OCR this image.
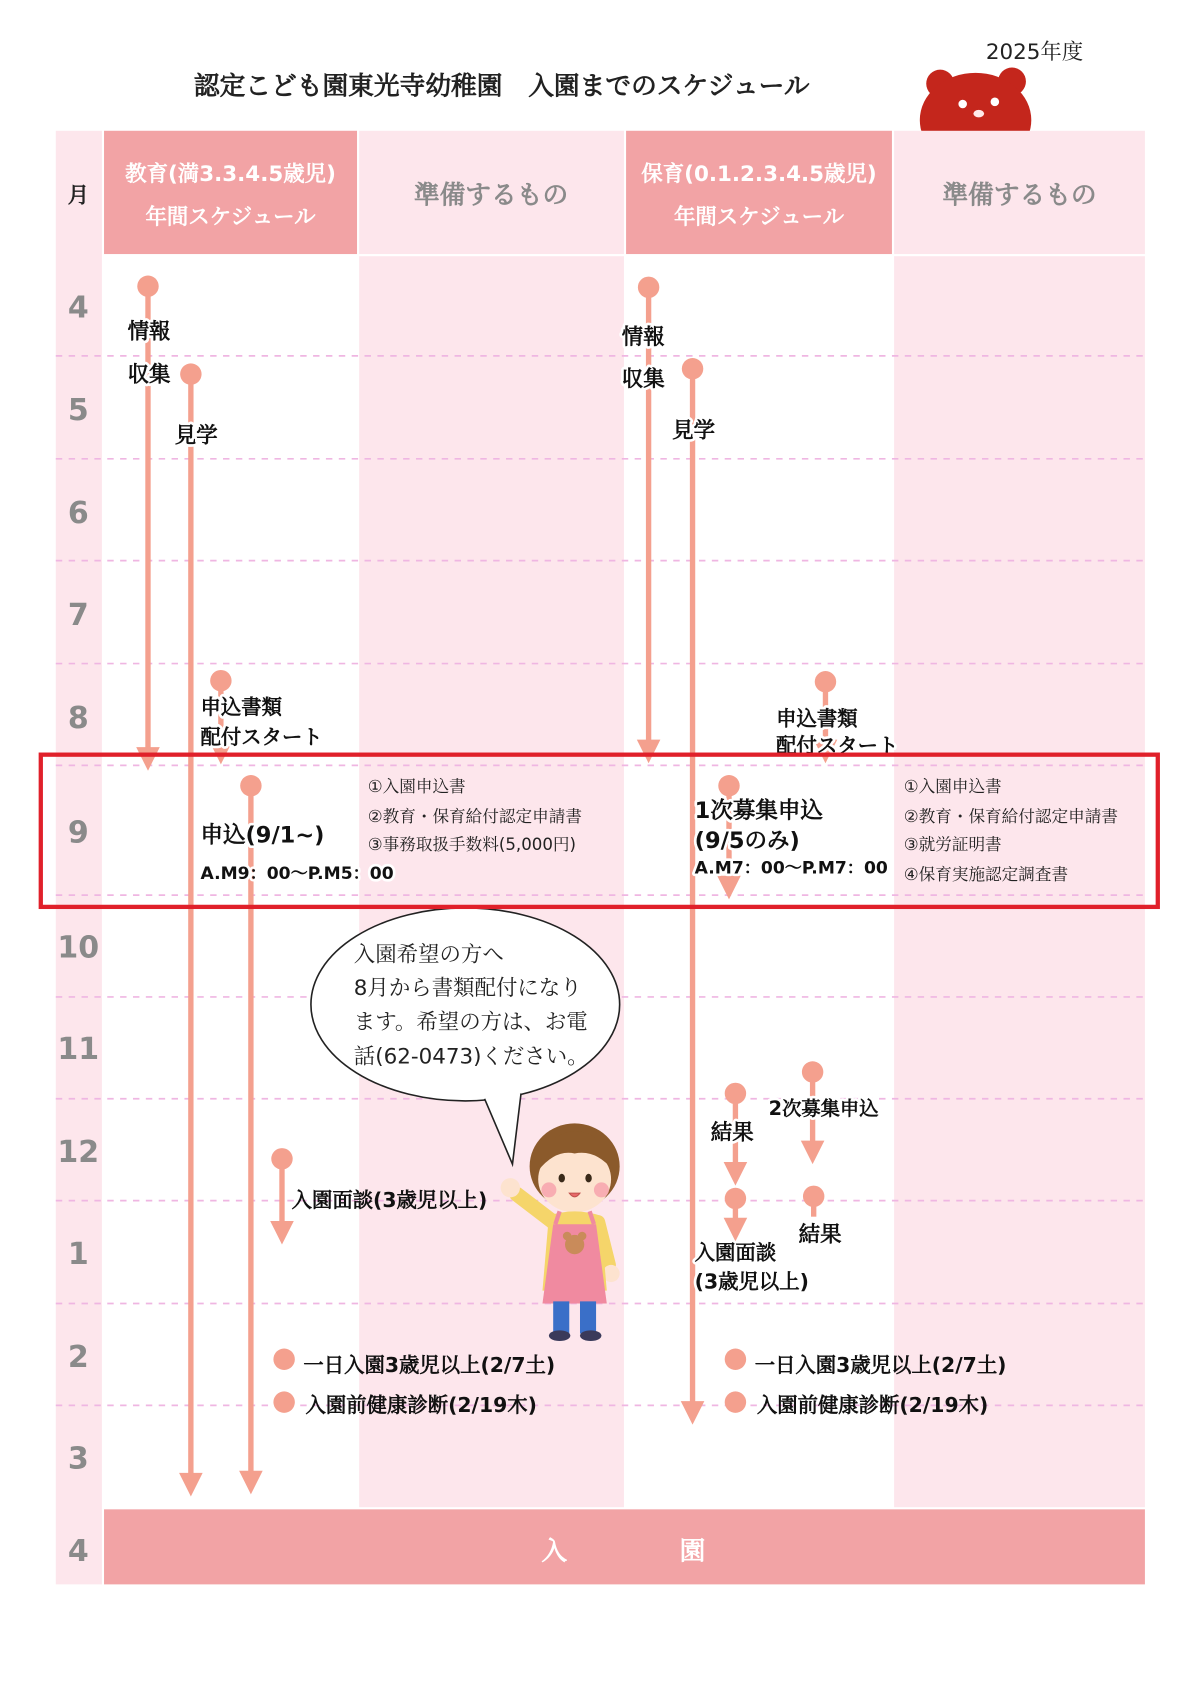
2025年度
認定こども園東光寺幼稚園　入園までのスケジュール
月
教育(満3.3.4.5歳児)
年間スケジュール
準備するもの
保育(0.1.2.3.4.5歳児)
年間スケジュール
準備するもの
4
5
6
7
8
9
10
11
12
1
2
3
4
情報
収集
見学
申込書類
配付スタート
申込(9/1~)
A.M9：00〜P.M5：00
入園面談(3歳児以上)
一日入園3歳児以上(2/7土)
入園前健康診断(2/19木)
①入園申込書
②教育・保育給付認定申請書
③事務取扱手数料(5,000円)
情報
収集
見学
申込書類
配付スタート
1次募集申込
(9/5のみ)
A.M7：00〜P.M7：00
結果
2次募集申込
入園面談
(3歳児以上)
結果
一日入園3歳児以上(2/7土)
入園前健康診断(2/19木)
①入園申込書
②教育・保育給付認定申請書
③就労証明書
④保育実施認定調査書
入園希望の方へ
8月から書類配付になり
ます。希望の方は、お電
話(62-0473)ください。
入	園
